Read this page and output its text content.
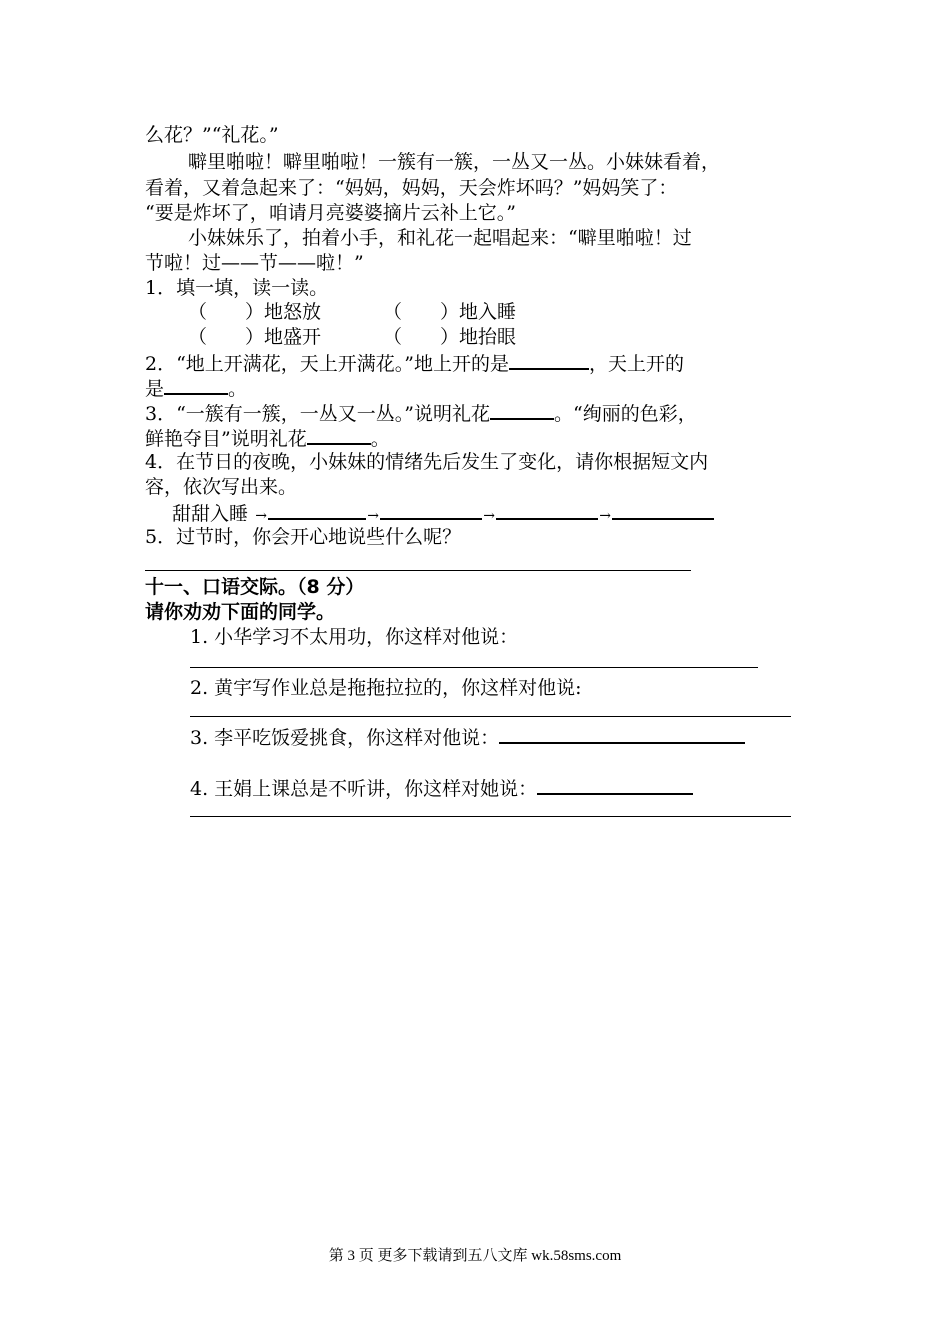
么花？”“礼花。”
噼里啪啦！噼里啪啦！一簇有一簇，一丛又一丛。小妹妹看着，
看着，又着急起来了：“妈妈，妈妈，天会炸坏吗？”妈妈笑了：
“要是炸坏了，咱请月亮婆婆摘片云补上它。”
小妹妹乐了，拍着小手，和礼花一起唱起来：“噼里啪啦！过
节啦！过——节——啦！”
1．填一填，读一读。
（　　）地怒放	（　　）地入睡
（　　）地盛开	（　　）地抬眼
2．“地上开满花，天上开满花。”地上开的是	，天上开的
是	。
3．“一簇有一簇，一丛又一丛。”说明礼花	。“绚丽的色彩，
鲜艳夺目”说明礼花	。
4．在节日的夜晚，小妹妹的情绪先后发生了变化，请你根据短文内
容，依次写出来。
甜甜入睡 →	→	→	→
5．过节时，你会开心地说些什么呢？
十一、口语交际。（8 分）
请你劝劝下面的同学。
1. 小华学习不太用功，你这样对他说：
2. 黄宇写作业总是拖拖拉拉的，你这样对他说:
3. 李平吃饭爱挑食，你这样对他说：
4. 王娟上课总是不听讲，你这样对她说：
第 3 页 更多下载请到五八文库 wk.58sms.com
